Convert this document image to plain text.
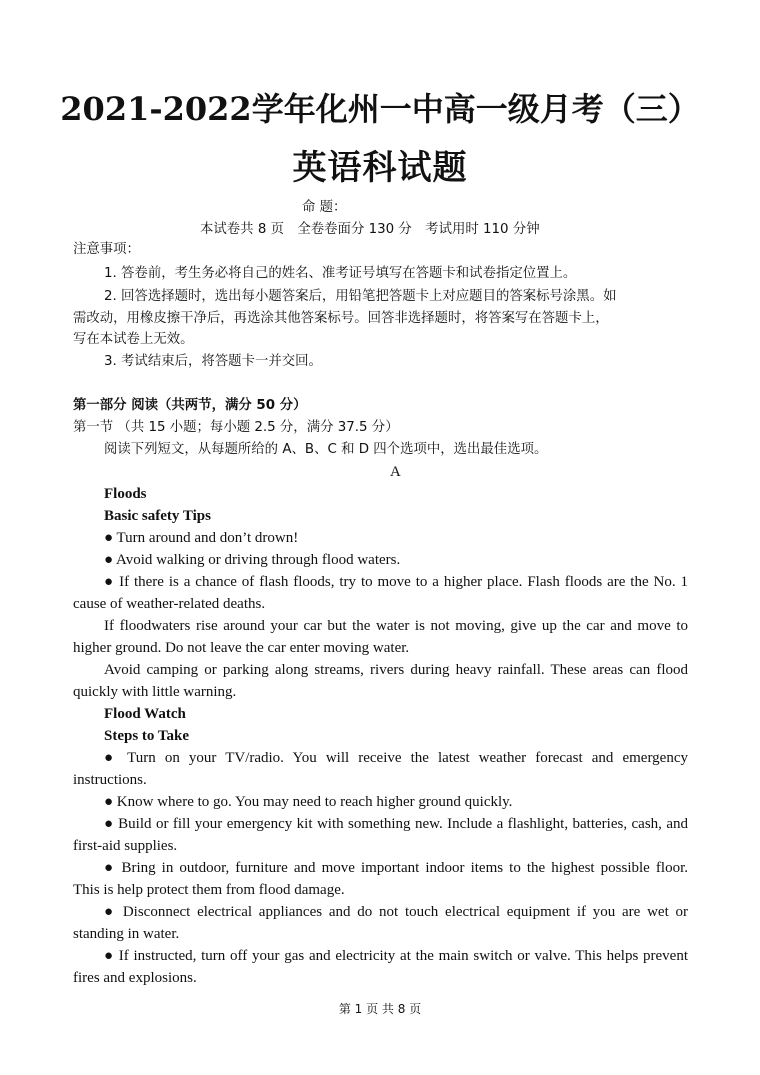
2021-2022学年化州一中高一级月考（三）
英语科试题
命 题：
本试卷共 8 页　全卷卷面分 130 分　考试用时 110 分钟
注意事项：
1. 答卷前，考生务必将自己的姓名、准考证号填写在答题卡和试卷指定位置上。
2. 回答选择题时，选出每小题答案后，用铅笔把答题卡上对应题目的答案标号涂黑。如
需改动，用橡皮擦干净后，再选涂其他答案标号。回答非选择题时，将答案写在答题卡上，
写在本试卷上无效。
3. 考试结束后，将答题卡一并交回。
第一部分 阅读（共两节，满分 50 分）
第一节 （共 15 小题；每小题 2.5 分，满分 37.5 分）
阅读下列短文，从每题所给的 A、B、C 和 D 四个选项中，选出最佳选项。
A
Floods
Basic safety Tips
● Turn around and don’t drown!
● Avoid walking or driving through flood waters.
● If there is a chance of flash floods, try to move to a higher place. Flash floods are the No. 1
cause of weather-related deaths.
If floodwaters rise around your car but the water is not moving, give up the car and move to
higher ground. Do not leave the car enter moving water.
Avoid camping or parking along streams, rivers during heavy rainfall. These areas can flood
quickly with little warning.
Flood Watch
Steps to Take
● Turn on your TV/radio. You will receive the latest weather forecast and emergency
instructions.
● Know where to go. You may need to reach higher ground quickly.
● Build or fill your emergency kit with something new. Include a flashlight, batteries, cash, and
first-aid supplies.
● Bring in outdoor, furniture and move important indoor items to the highest possible floor.
This is help protect them from flood damage.
● Disconnect electrical appliances and do not touch electrical equipment if you are wet or
standing in water.
● If instructed, turn off your gas and electricity at the main switch or valve. This helps prevent
fires and explosions.
第 1 页 共 8 页
